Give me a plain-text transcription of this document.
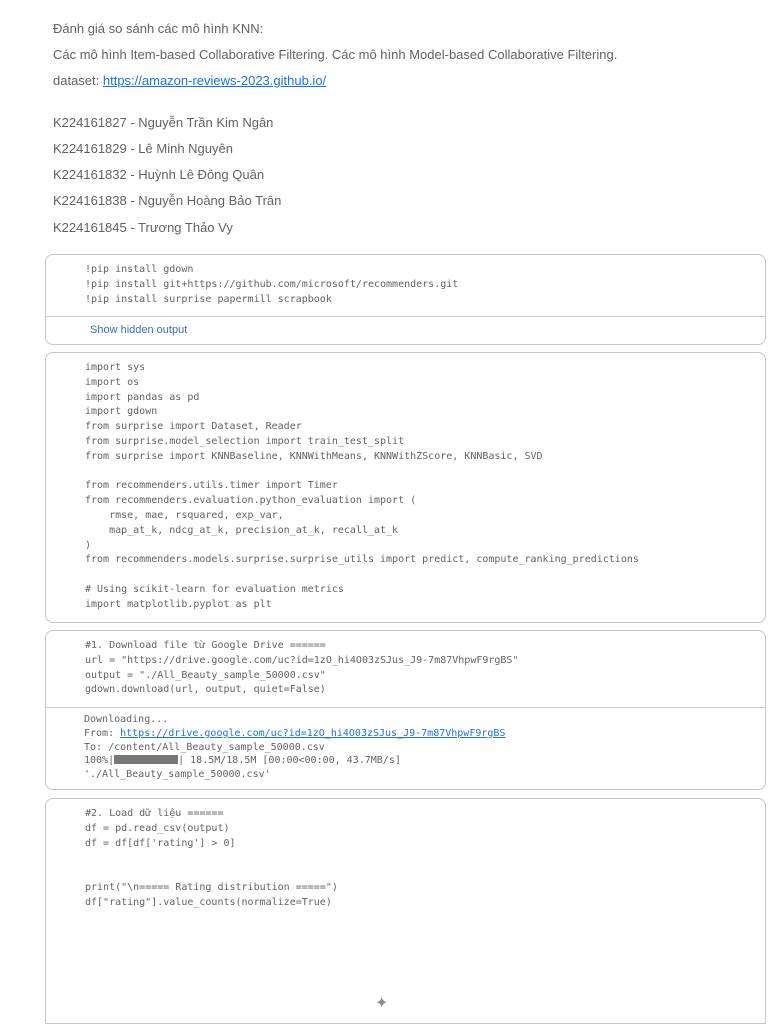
Đánh giá so sánh các mô hình KNN:
Các mô hình Item-based Collaborative Filtering. Các mô hình Model-based Collaborative Filtering.
dataset: https://amazon-reviews-2023.github.io/
K224161827 - Nguyễn Trần Kim Ngân
K224161829 - Lê Minh Nguyên
K224161832 - Huỳnh Lê Đông Quân
K224161838 - Nguyễn Hoàng Bảo Trân
K224161845 - Trương Thảo Vy
!pip install gdown
!pip install git+https://github.com/microsoft/recommenders.git
!pip install surprise papermill scrapbook
Show hidden output
import sys
import os
import pandas as pd
import gdown
from surprise import Dataset, Reader
from surprise.model_selection import train_test_split
from surprise import KNNBaseline, KNNWithMeans, KNNWithZScore, KNNBasic, SVD
from recommenders.utils.timer import Timer
from recommenders.evaluation.python_evaluation import (
rmse, mae, rsquared, exp_var,
map_at_k, ndcg_at_k, precision_at_k, recall_at_k
)
from recommenders.models.surprise.surprise_utils import predict, compute_ranking_predictions
# Using scikit-learn for evaluation metrics
import matplotlib.pyplot as plt
#1. Download file từ Google Drive ======
url = "https://drive.google.com/uc?id=1zO_hi4O03zSJus_J9-7m87VhpwF9rgBS"
output = "./All_Beauty_sample_50000.csv"
gdown.download(url, output, quiet=False)
Downloading...
From: https://drive.google.com/uc?id=1zO_hi4O03zSJus_J9-7m87VhpwF9rgBS
To: /content/All_Beauty_sample_50000.csv
100%|	| 18.5M/18.5M [00:00<00:00, 43.7MB/s]
'./All_Beauty_sample_50000.csv'
#2. Load dữ liệu ======
df = pd.read_csv(output)
df = df[df['rating'] > 0]
print("\n===== Rating distribution =====")
df["rating"].value_counts(normalize=True)
✦
